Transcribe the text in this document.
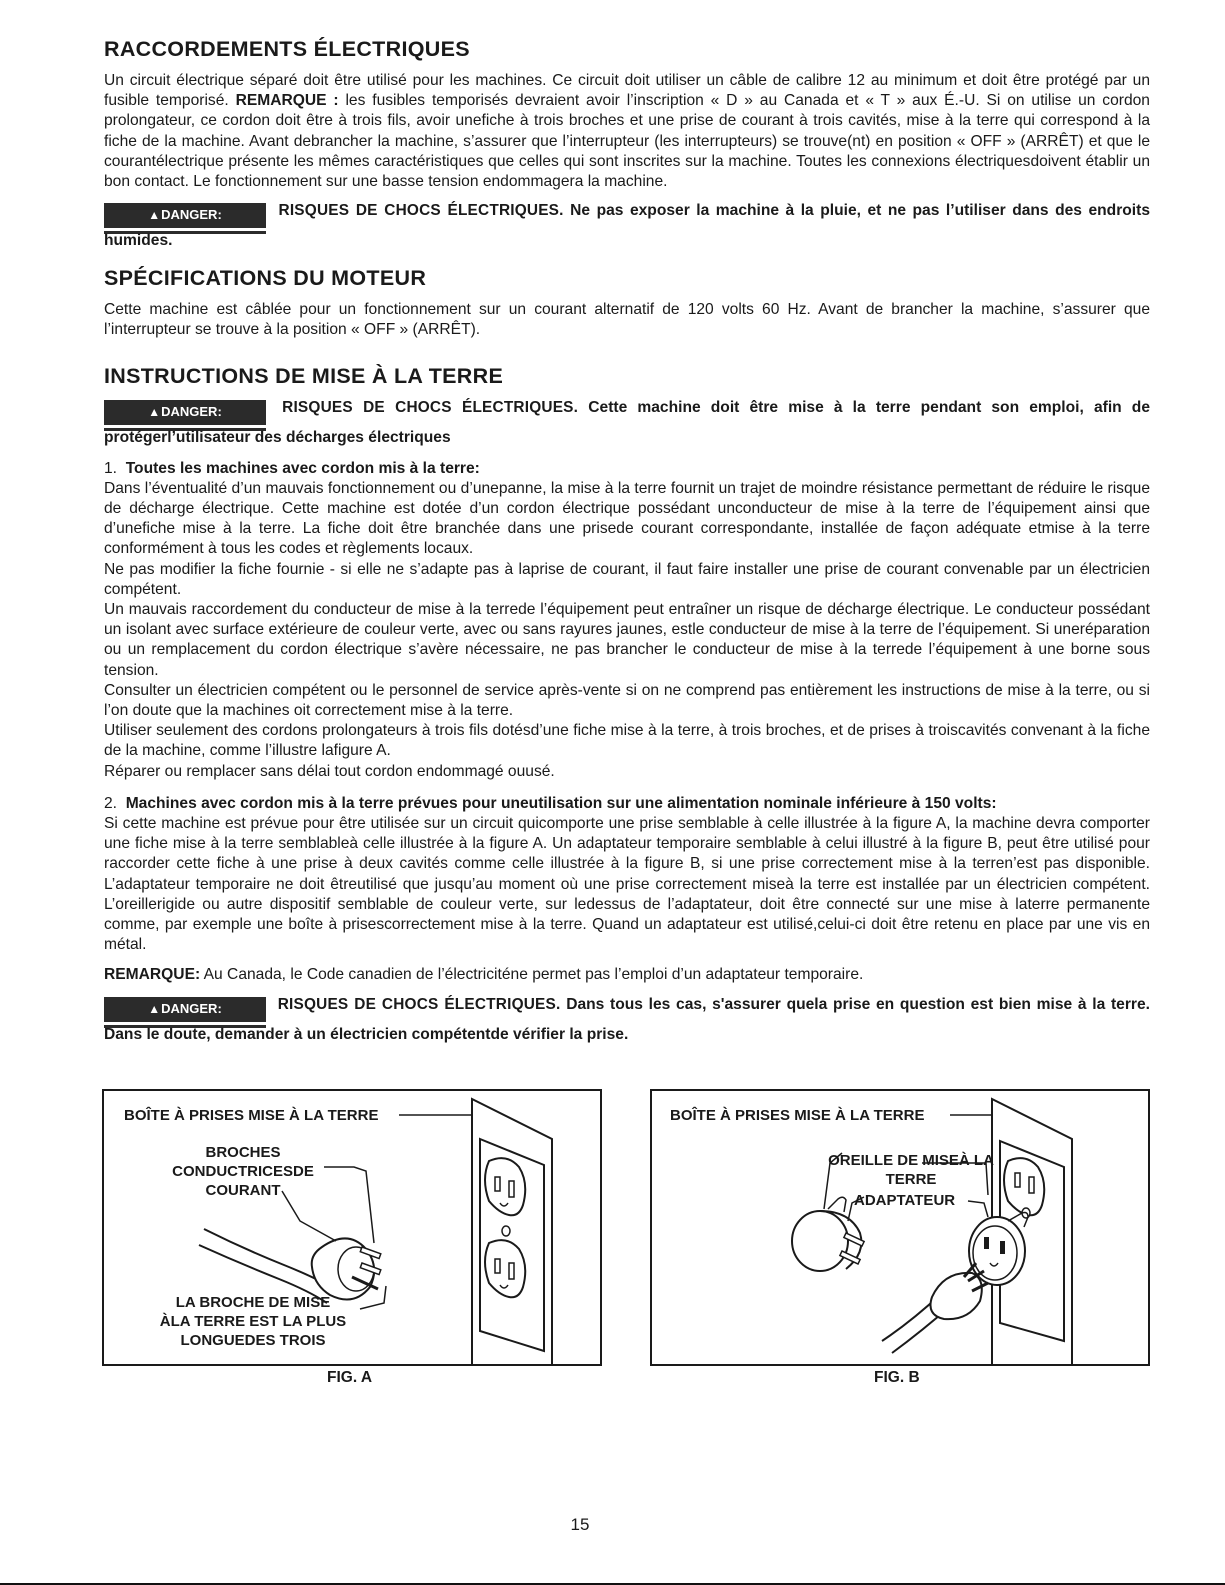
RACCORDEMENTS ÉLECTRIQUES

Un circuit électrique séparé doit être utilisé pour les machines. Ce circuit doit utiliser un câble de calibre 12 au minimum et doit être protégé par un fusible temporisé. REMARQUE : les fusibles temporisés devraient avoir l’inscription « D » au Canada et « T » aux É.-U. Si on utilise un cordon prolongateur, ce cordon doit être à trois fils, avoir unefiche à trois broches et une prise de courant à trois cavités, mise à la terre qui correspond à la fiche de la machine. Avant debrancher la machine, s’assurer que l’interrupteur (les interrupteurs) se trouve(nt) en position « OFF » (ARRÊT) et que le courantélectrique présente les mêmes caractéristiques que celles qui sont inscrites sur la machine. Toutes les connexions électriquesdoivent établir un bon contact. Le fonctionnement sur une basse tension endommagera la machine.

▲DANGER:	RISQUES DE CHOCS ÉLECTRIQUES. Ne pas exposer la machine à la pluie, et ne pas l’utiliser dans des endroits humides.
SPÉCIFICATIONS DU MOTEUR

Cette machine est câblée pour un fonctionnement sur un courant alternatif de 120 volts 60 Hz. Avant de brancher la machine, s’assurer que l’interrupteur se trouve à la position « OFF » (ARRÊT).

INSTRUCTIONS DE MISE À LA TERRE
▲DANGER:	RISQUES DE CHOCS ÉLECTRIQUES. Cette machine doit être mise à la terre pendant son emploi, afin de protégerl’utilisateur des décharges électriques

1. Toutes les machines avec cordon mis à la terre:

Dans l’éventualité d’un mauvais fonctionnement ou d’unepanne, la mise à la terre fournit un trajet de moindre résistance permettant de réduire le risque de décharge électrique. Cette machine est dotée d’un cordon électrique possédant unconducteur de mise à la terre de l’équipement ainsi que d’unefiche mise à la terre. La fiche doit être branchée dans une prisede courant correspondante, installée de façon adéquate etmise à la terre conformément à tous les codes et règlements locaux.

Ne pas modifier la fiche fournie - si elle ne s’adapte pas à laprise de courant, il faut faire installer une prise de courant convenable par un électricien compétent.

Un mauvais raccordement du conducteur de mise à la terrede l’équipement peut entraîner un risque de décharge électrique. Le conducteur possédant un isolant avec surface extérieure de couleur verte, avec ou sans rayures jaunes, estle conducteur de mise à la terre de l’équipement. Si uneréparation ou un remplacement du cordon électrique s’avère nécessaire, ne pas brancher le conducteur de mise à la terrede l’équipement à une borne sous tension.

Consulter un électricien compétent ou le personnel de service après-vente si on ne comprend pas entièrement les instructions de mise à la terre, ou si l’on doute que la machines oit correctement mise à la terre.

Utiliser seulement des cordons prolongateurs à trois fils dotésd’une fiche mise à la terre, à trois broches, et de prises à troiscavités convenant à la fiche de la machine, comme l’illustre lafigure A.

Réparer ou remplacer sans délai tout cordon endommagé ouusé.

2. Machines avec cordon mis à la terre prévues pour uneutilisation sur une alimentation nominale inférieure à 150 volts:

Si cette machine est prévue pour être utilisée sur un circuit quicomporte une prise semblable à celle illustrée à la figure A, la machine devra comporter une fiche mise à la terre semblableà celle illustrée à la figure A. Un adaptateur temporaire semblable à celui illustré à la figure B, peut être utilisé pour raccorder cette fiche à une prise à deux cavités comme celle illustrée à la figure B, si une prise correctement mise à la terren’est pas disponible. L’adaptateur temporaire ne doit êtreutilisé que jusqu’au moment où une prise correctement miseà la terre est installée par un électricien compétent. L’oreillerigide ou autre dispositif semblable de couleur verte, sur ledessus de l’adaptateur, doit être connecté sur une mise à laterre permanente comme, par exemple une boîte à prisescorrectement mise à la terre. Quand un adaptateur est utilisé,celui-ci doit être retenu en place par une vis en métal.

REMARQUE: Au Canada, le Code canadien de l’électriciténe permet pas l’emploi d’un adaptateur temporaire.

▲DANGER:	RISQUES DE CHOCS ÉLECTRIQUES. Dans tous les cas, s'assurer quela prise en question est bien mise à la terre. Dans le doute, demander à un électricien compétentde vérifier la prise.
BOÎTE À PRISES MISE À LA TERRE
BROCHES
CONDUCTRICESDE
COURANT
LA BROCHE DE MISE
ÀLA TERRE EST LA PLUS
LONGUEDES TROIS
FIG. A
BOÎTE À PRISES MISE À LA TERRE
OREILLE DE MISEÀ LA
TERRE
ADAPTATEUR
FIG. B
15
